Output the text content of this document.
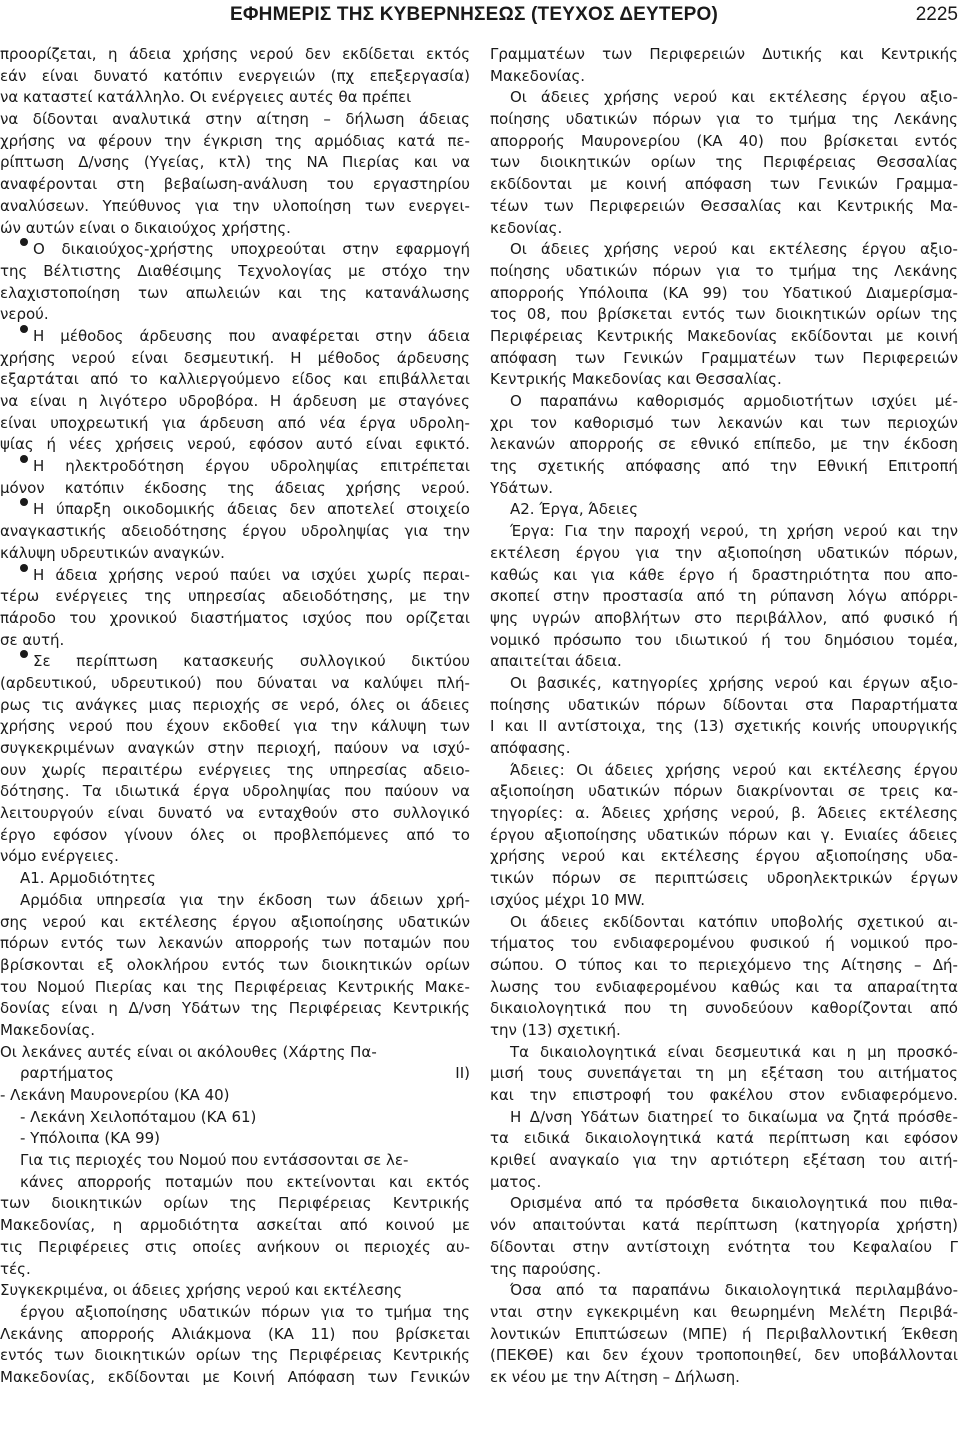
ΕΦΗΜΕΡΙΣ ΤΗΣ ΚΥΒΕΡΝΗΣΕΩΣ (ΤΕΥΧΟΣ ΔΕΥΤΕΡΟ)	2225
προορίζεται, η άδεια χρήσης νερού δεν εκδίδεται εκτός
εάν είναι δυνατό κατόπιν ενεργειών (πχ επεξεργασία)
να καταστεί κατάλληλο. Οι ενέργειες αυτές θα πρέπει
να δίδονται αναλυτικά στην αίτηση – δήλωση άδειας
χρήσης να φέρουν την έγκριση της αρμόδιας κατά πε‑
ρίπτωση Δ/νσης (Υγείας, κτλ) της ΝΑ Πιερίας και να
αναφέρονται στη βεβαίωση‑ανάλυση του εργαστηρίου
αναλύσεων. Υπεύθυνος για την υλοποίηση των ενεργει‑
ών αυτών είναι ο δικαιούχος χρήστης.
Ο δικαιούχος‑χρήστης υποχρεούται στην εφαρμογή
της Βέλτιστης Διαθέσιμης Τεχνολογίας με στόχο την
ελαχιστοποίηση των απωλειών και της κατανάλωσης
νερού.
Η μέθοδος άρδευσης που αναφέρεται στην άδεια
χρήσης νερού είναι δεσμευτική. Η μέθοδος άρδευσης
εξαρτάται από το καλλιεργούμενο είδος και επιβάλλεται
να είναι η λιγότερο υδροβόρα. Η άρδευση με σταγόνες
είναι υποχρεωτική για άρδευση από νέα έργα υδρολη‑
ψίας ή νέες χρήσεις νερού, εφόσον αυτό είναι εφικτό.
Η ηλεκτροδότηση έργου υδροληψίας επιτρέπεται
μόνον κατόπιν έκδοσης της άδειας χρήσης νερού.
Η ύπαρξη οικοδομικής άδειας δεν αποτελεί στοιχείο
αναγκαστικής αδειοδότησης έργου υδροληψίας για την
κάλυψη υδρευτικών αναγκών.
Η άδεια χρήσης νερού παύει να ισχύει χωρίς περαι‑
τέρω ενέργειες της υπηρεσίας αδειοδότησης, με την
πάροδο του χρονικού διαστήματος ισχύος που ορίζεται
σε αυτή.
Σε περίπτωση κατασκευής συλλογικού δικτύου
(αρδευτικού, υδρευτικού) που δύναται να καλύψει πλή‑
ρως τις ανάγκες μιας περιοχής σε νερό, όλες οι άδειες
χρήσης νερού που έχουν εκδοθεί για την κάλυψη των
συγκεκριμένων αναγκών στην περιοχή, παύουν να ισχύ‑
ουν χωρίς περαιτέρω ενέργειες της υπηρεσίας αδειο‑
δότησης. Τα ιδιωτικά έργα υδροληψίας που παύουν να
λειτουργούν είναι δυνατό να ενταχθούν στο συλλογικό
έργο εφόσον γίνουν όλες οι προβλεπόμενες από το
νόμο ενέργειες.
Α1. Αρμοδιότητες
Αρμόδια υπηρεσία για την έκδοση των άδειων χρή‑
σης νερού και εκτέλεσης έργου αξιοποίησης υδατικών
πόρων εντός των λεκανών απορροής των ποταμών που
βρίσκονται εξ ολοκλήρου εντός των διοικητικών ορίων
του Νομού Πιερίας και της Περιφέρειας Κεντρικής Μακε‑
δονίας είναι η Δ/νση Υδάτων της Περιφέρειας Κεντρικής
Μακεδονίας.
Οι λεκάνες αυτές είναι οι ακόλουθες (Χάρτης Πα‑
ραρτήματος	ΙΙ)
‑ Λεκάνη Μαυρονερίου (ΚΑ 40)
‑ Λεκάνη Χειλοπόταμου (ΚΑ 61)
‑ Υπόλοιπα (ΚΑ 99)
Για τις περιοχές του Νομού που εντάσσονται σε λε‑
κάνες απορροής ποταμών που εκτείνονται και εκτός
των διοικητικών ορίων της Περιφέρειας Κεντρικής
Μακεδονίας, η αρμοδιότητα ασκείται από κοινού με
τις Περιφέρειες στις οποίες ανήκουν οι περιοχές αυ‑
τές.
Συγκεκριμένα, οι άδειες χρήσης νερού και εκτέλεσης
έργου αξιοποίησης υδατικών πόρων για το τμήμα της
Λεκάνης απορροής Αλιάκμονα (ΚΑ 11) που βρίσκεται
εντός των διοικητικών ορίων της Περιφέρειας Κεντρικής
Μακεδονίας, εκδίδονται με Κοινή Απόφαση των Γενικών
Γραμματέων των Περιφερειών Δυτικής και Κεντρικής
Μακεδονίας.
Οι άδειες χρήσης νερού και εκτέλεσης έργου αξιο‑
ποίησης υδατικών πόρων για το τμήμα της Λεκάνης
απορροής Μαυρονερίου (ΚΑ 40) που βρίσκεται εντός
των διοικητικών ορίων της Περιφέρειας Θεσσαλίας
εκδίδονται με κοινή απόφαση των Γενικών Γραμμα‑
τέων των Περιφερειών Θεσσαλίας και Κεντρικής Μα‑
κεδονίας.
Οι άδειες χρήσης νερού και εκτέλεσης έργου αξιο‑
ποίησης υδατικών πόρων για το τμήμα της Λεκάνης
απορροής Υπόλοιπα (ΚΑ 99) του Υδατικού Διαμερίσμα‑
τος 08, που βρίσκεται εντός των διοικητικών ορίων της
Περιφέρειας Κεντρικής Μακεδονίας εκδίδονται με κοινή
απόφαση των Γενικών Γραμματέων των Περιφερειών
Κεντρικής Μακεδονίας και Θεσσαλίας.
Ο παραπάνω καθορισμός αρμοδιοτήτων ισχύει μέ‑
χρι τον καθορισμό των λεκανών και των περιοχών
λεκανών απορροής σε εθνικό επίπεδο, με την έκδοση
της σχετικής απόφασης από την Εθνική Επιτροπή
Υδάτων.
Α2. Έργα, Άδειες
Έργα: Για την παροχή νερού, τη χρήση νερού και την
εκτέλεση έργου για την αξιοποίηση υδατικών πόρων,
καθώς και για κάθε έργο ή δραστηριότητα που απο‑
σκοπεί στην προστασία από τη ρύπανση λόγω απόρρι‑
ψης υγρών αποβλήτων στο περιβάλλον, από φυσικό ή
νομικό πρόσωπο του ιδιωτικού ή του δημόσιου τομέα,
απαιτείται άδεια.
Οι βασικές, κατηγορίες χρήσης νερού και έργων αξιο‑
ποίησης υδατικών πόρων δίδονται στα Παραρτήματα
Ι και ΙΙ αντίστοιχα, της (13) σχετικής κοινής υπουργικής
απόφασης.
Άδειες: Οι άδειες χρήσης νερού και εκτέλεσης έργου
αξιοποίηση υδατικών πόρων διακρίνονται σε τρεις κα‑
τηγορίες: α. Άδειες χρήσης νερού, β. Άδειες εκτέλεσης
έργου αξιοποίησης υδατικών πόρων και γ. Ενιαίες άδειες
χρήσης νερού και εκτέλεσης έργου αξιοποίησης υδα‑
τικών πόρων σε περιπτώσεις υδροηλεκτρικών έργων
ισχύος μέχρι 10 MW.
Οι άδειες εκδίδονται κατόπιν υποβολής σχετικού αι‑
τήματος του ενδιαφερομένου φυσικού ή νομικού προ‑
σώπου. Ο τύπος και το περιεχόμενο της Αίτησης – Δή‑
λωσης του ενδιαφερομένου καθώς και τα απαραίτητα
δικαιολογητικά που τη συνοδεύουν καθορίζονται από
την (13) σχετική.
Τα δικαιολογητικά είναι δεσμευτικά και η μη προσκό‑
μισή τους συνεπάγεται τη μη εξέταση του αιτήματος
και την επιστροφή του φακέλου στον ενδιαφερόμενο.
Η Δ/νση Υδάτων διατηρεί το δικαίωμα να ζητά πρόσθε‑
τα ειδικά δικαιολογητικά κατά περίπτωση και εφόσον
κριθεί αναγκαίο για την αρτιότερη εξέταση του αιτή‑
ματος.
Ορισμένα από τα πρόσθετα δικαιολογητικά που πιθα‑
νόν απαιτούνται κατά περίπτωση (κατηγορία χρήστη)
δίδονται στην αντίστοιχη ενότητα του Κεφαλαίου Γ
της παρούσης.
Όσα από τα παραπάνω δικαιολογητικά περιλαμβάνο‑
νται στην εγκεκριμένη και θεωρημένη Μελέτη Περιβά‑
λοντικών Επιπτώσεων (ΜΠΕ) ή Περιβαλλοντική Έκθεση
(ΠΕΚΘΕ) και δεν έχουν τροποποιηθεί, δεν υποβάλλονται
εκ νέου με την Αίτηση – Δήλωση.
